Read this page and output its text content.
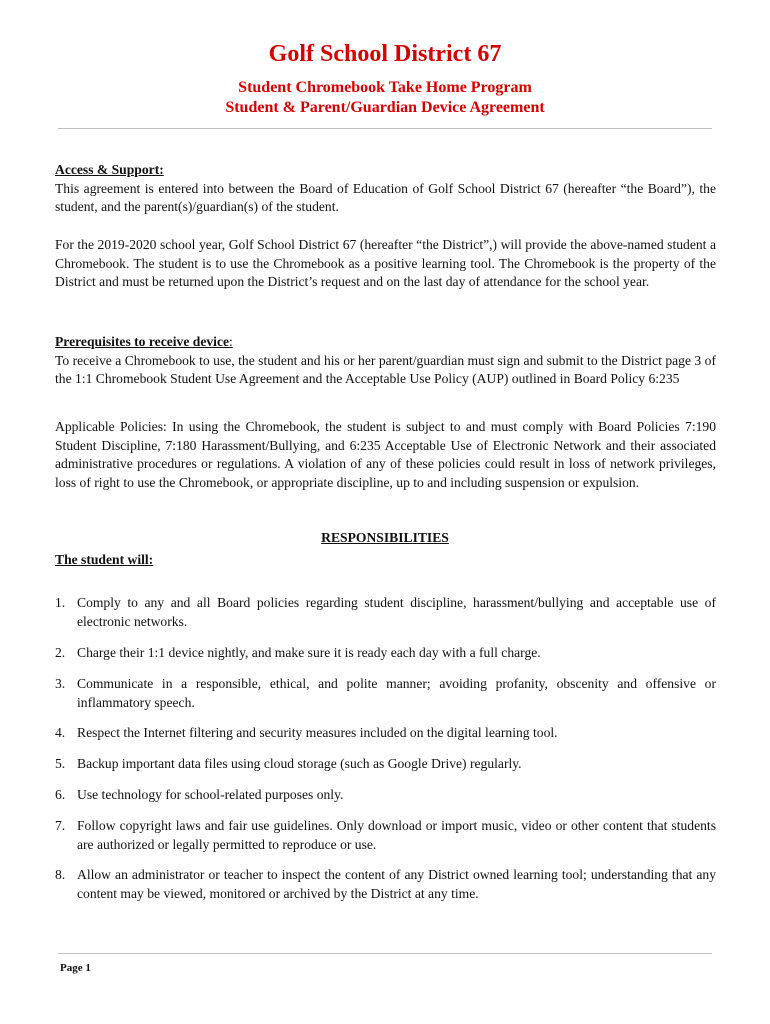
Golf School District 67
Student Chromebook Take Home Program
Student & Parent/Guardian Device Agreement

Access & Support:

This agreement is entered into between the Board of Education of Golf School District 67 (hereafter “the Board”), the student, and the parent(s)/guardian(s) of the student.

For the 2019-2020 school year, Golf School District 67 (hereafter “the District”,) will provide the above-named student a Chromebook. The student is to use the Chromebook as a positive learning tool. The Chromebook is the property of the District and must be returned upon the District’s request and on the last day of attendance for the school year.

Prerequisites to receive device:

To receive a Chromebook to use, the student and his or her parent/guardian must sign and submit to the District page 3 of the 1:1 Chromebook Student Use Agreement and the Acceptable Use Policy (AUP) outlined in Board Policy 6:235

Applicable Policies: In using the Chromebook, the student is subject to and must comply with Board Policies 7:190 Student Discipline, 7:180 Harassment/Bullying, and 6:235 Acceptable Use of Electronic Network and their associated administrative procedures or regulations. A violation of any of these policies could result in loss of network privileges, loss of right to use the Chromebook, or appropriate discipline, up to and including suspension or expulsion.

RESPONSIBILITIES

The student will:

1. Comply to any and all Board policies regarding student discipline, harassment/bullying and acceptable use of electronic networks.
2. Charge their 1:1 device nightly, and make sure it is ready each day with a full charge.
3. Communicate in a responsible, ethical, and polite manner; avoiding profanity, obscenity and offensive or inflammatory speech.
4. Respect the Internet filtering and security measures included on the digital learning tool.
5. Backup important data files using cloud storage (such as Google Drive) regularly.
6. Use technology for school-related purposes only.
7. Follow copyright laws and fair use guidelines. Only download or import music, video or other content that students are authorized or legally permitted to reproduce or use.
8. Allow an administrator or teacher to inspect the content of any District owned learning tool; understanding that any content may be viewed, monitored or archived by the District at any time.
Page 1
